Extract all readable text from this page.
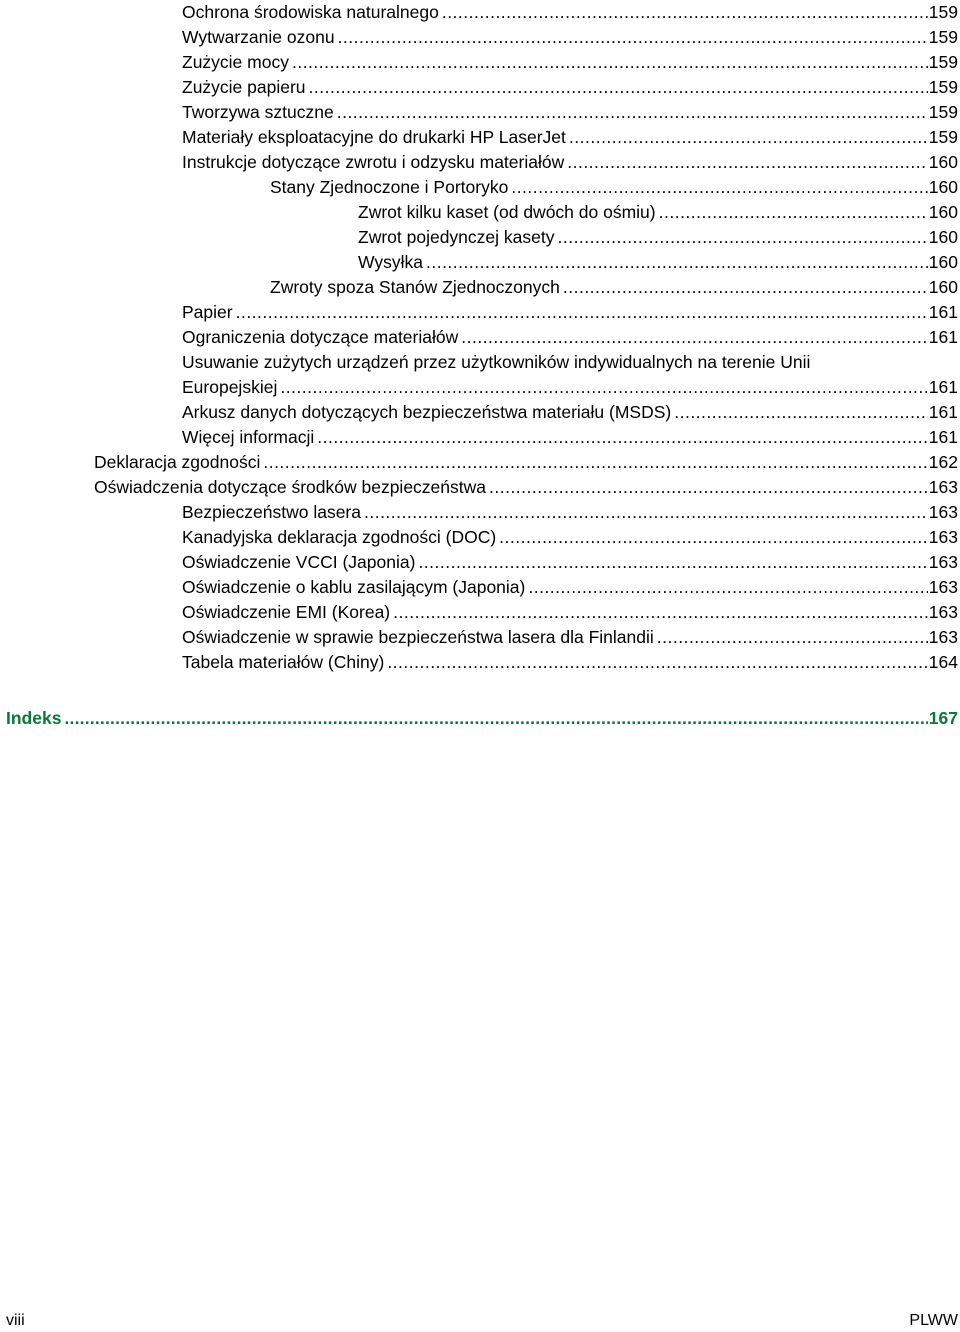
Ochrona środowiska naturalnego .....	159
Wytwarzanie ozonu .....	159
Zużycie mocy .....	159
Zużycie papieru .....	159
Tworzywa sztuczne .....	159
Materiały eksploatacyjne do drukarki HP LaserJet .....	159
Instrukcje dotyczące zwrotu i odzysku materiałów .....	160
Stany Zjednoczone i Portoryko .....	160
Zwrot kilku kaset (od dwóch do ośmiu) .....	160
Zwrot pojedynczej kasety .....	160
Wysyłka .....	160
Zwroty spoza Stanów Zjednoczonych .....	160
Papier .....	161
Ograniczenia dotyczące materiałów .....	161
Usuwanie zużytych urządzeń przez użytkowników indywidualnych na terenie Unii
Europejskiej .....	161
Arkusz danych dotyczących bezpieczeństwa materiału (MSDS) .....	161
Więcej informacji .....	161
Deklaracja zgodności .....	162
Oświadczenia dotyczące środków bezpieczeństwa .....	163
Bezpieczeństwo lasera .....	163
Kanadyjska deklaracja zgodności (DOC) .....	163
Oświadczenie VCCI (Japonia) .....	163
Oświadczenie o kablu zasilającym (Japonia) .....	163
Oświadczenie EMI (Korea) .....	163
Oświadczenie w sprawie bezpieczeństwa lasera dla Finlandii .....	163
Tabela materiałów (Chiny) .....	164
Indeks .....	167
viii	PLWW
